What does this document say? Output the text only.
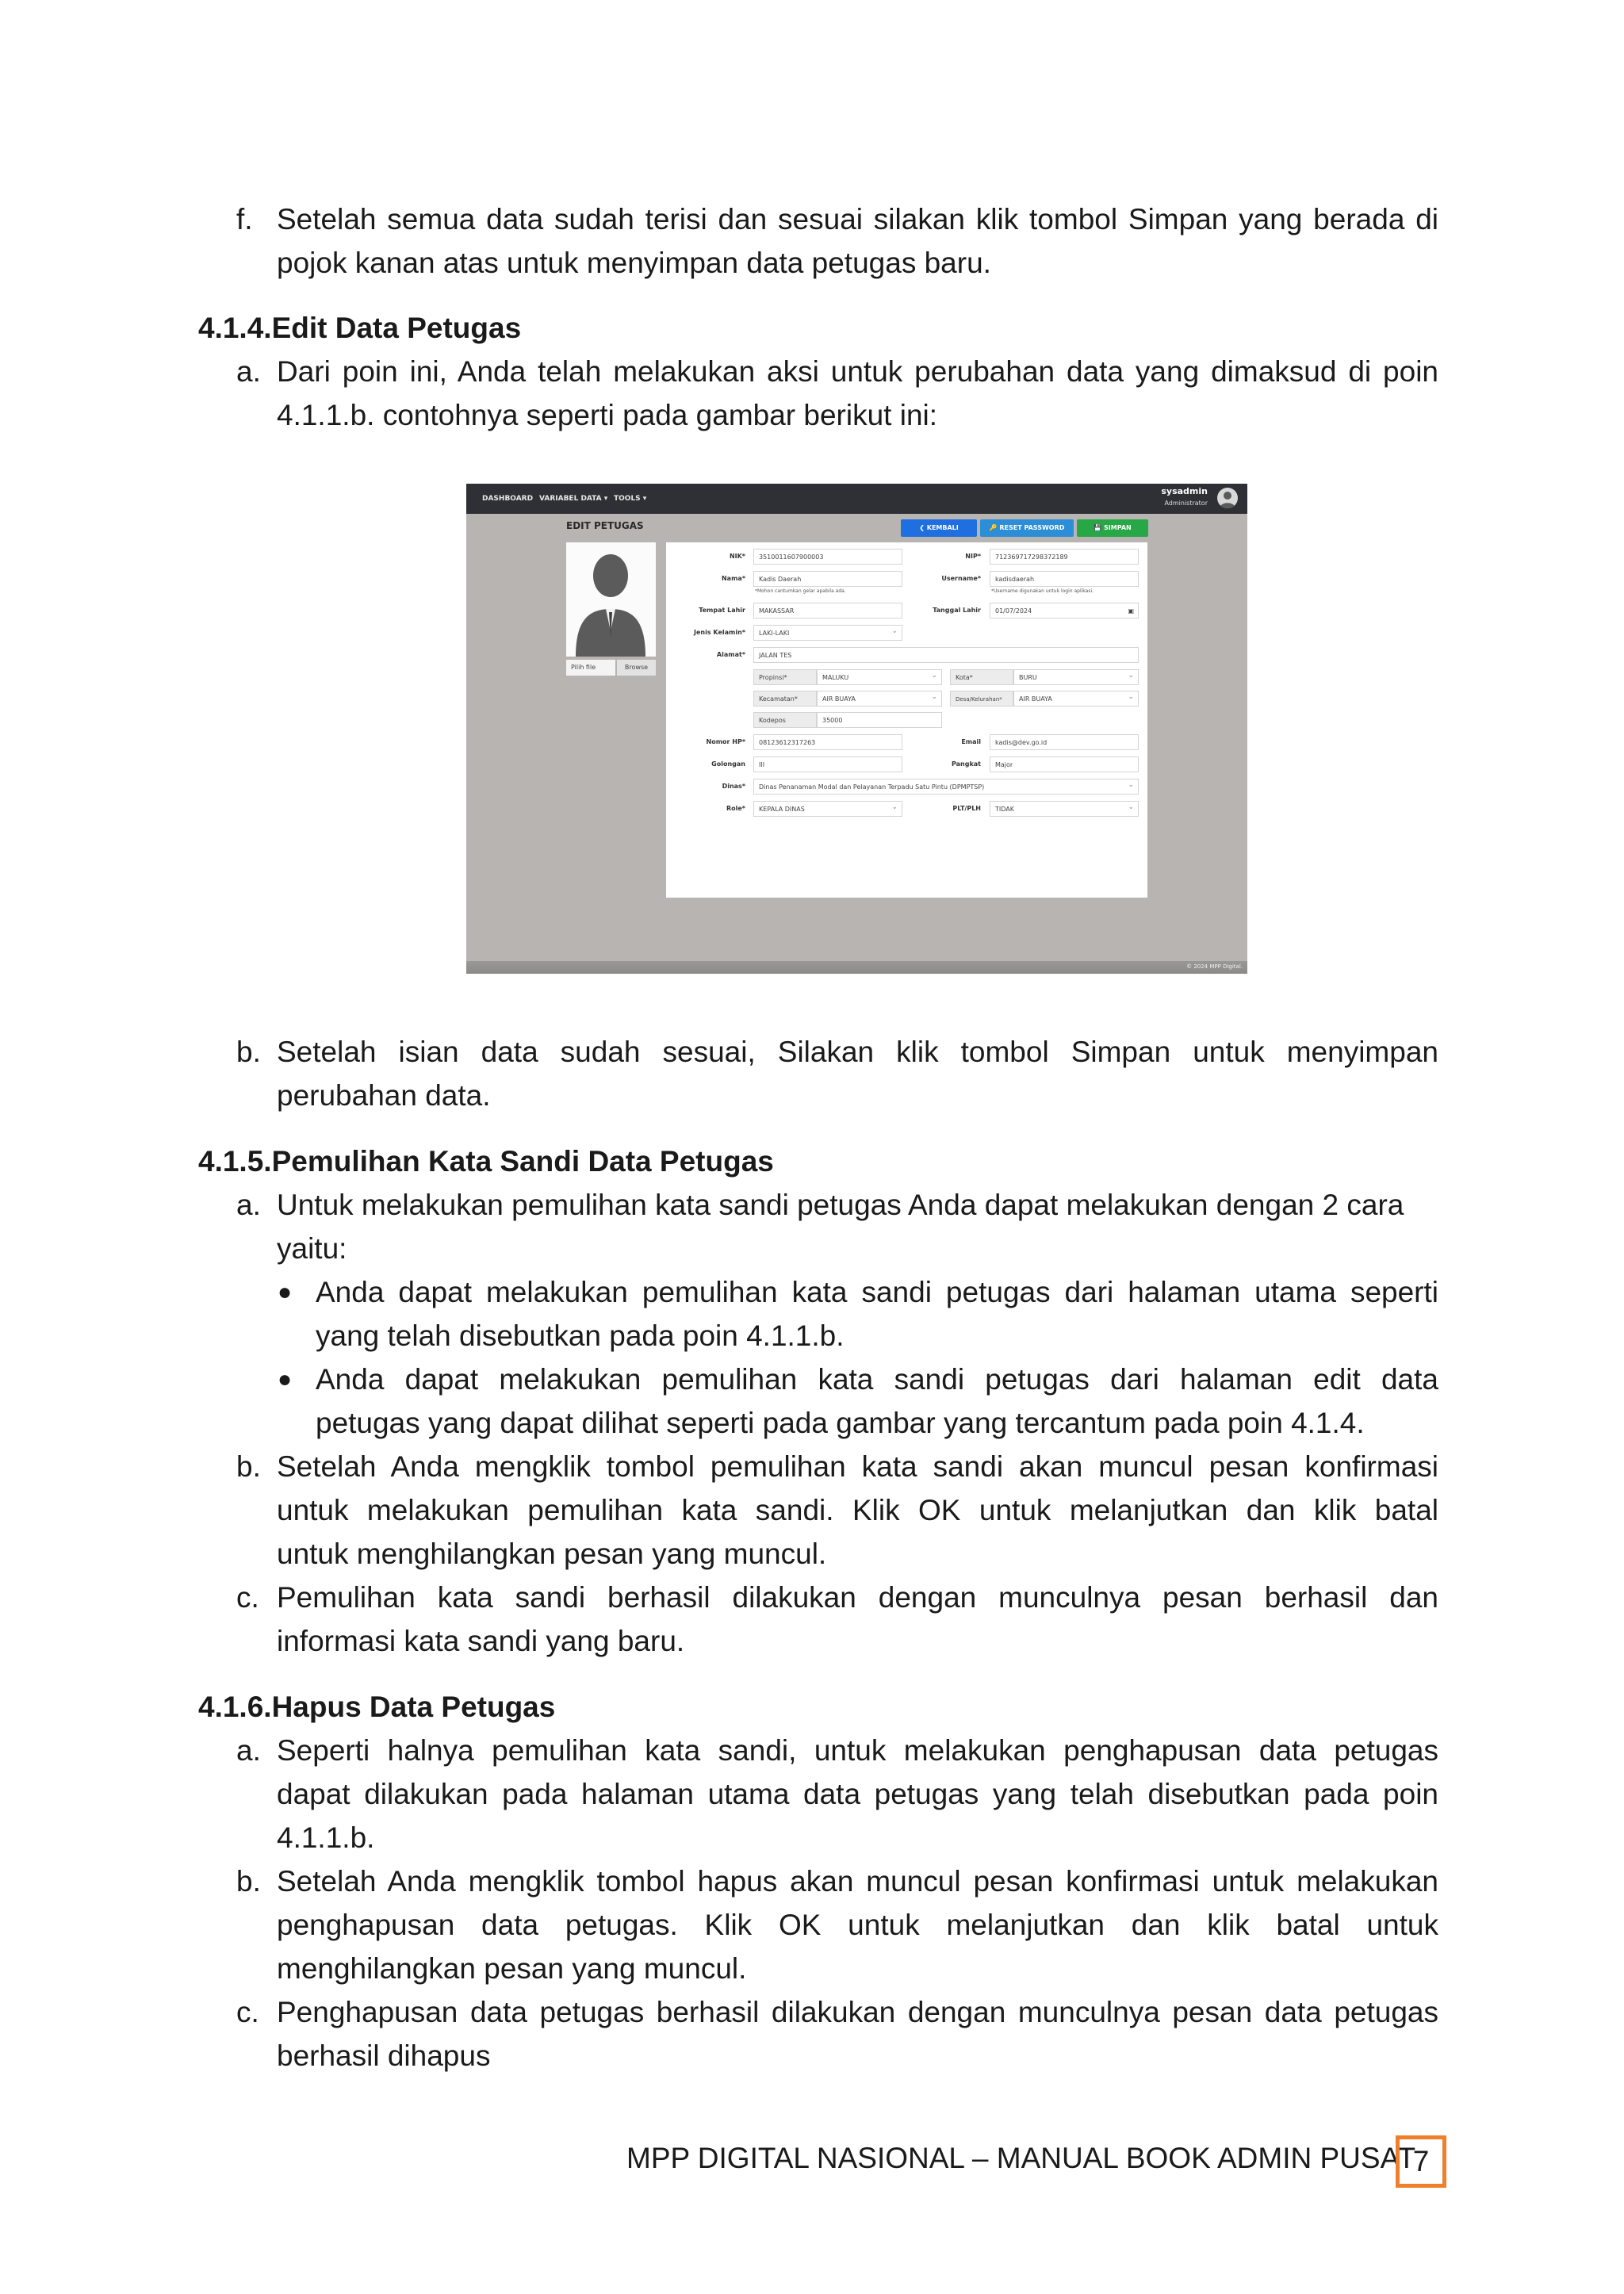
f. Setelah semua data sudah terisi dan sesuai silakan klik tombol Simpan yang berada di
pojok kanan atas untuk menyimpan data petugas baru.
4.1.4.Edit Data Petugas
a. Dari poin ini, Anda telah melakukan aksi untuk perubahan data yang dimaksud di poin
4.1.1.b. contohnya seperti pada gambar berikut ini:
DASHBOARD VARIABEL DATA ▾ TOOLS ▾
sysadmin
Administrator
EDIT PETUGAS	❮ KEMBALI	🔑 RESET PASSWORD	💾 SIMPAN
Pilih file	Browse
NIK*	3510011607900003	NIP*	712369717298372189
Nama*	Kadis Daerah	Username*	kadisdaerah
*Mohon cantumkan gelar apabila ada.	*Username digunakan untuk login aplikasi.
Tempat Lahir	MAKASSAR	Tanggal Lahir	01/07/2024	▣
Jenis Kelamin*	LAKI-LAKI ⌄
Alamat*	JALAN TES
Propinsi*	MALUKU ⌄	Kota*	BURU ⌄
Kecamatan*	AIR BUAYA ⌄	Desa/Kelurahan*	AIR BUAYA ⌄
Kodepos	35000
Nomor HP*	08123612317263	Email	kadis@dev.go.id
Golongan	III	Pangkat	Major
Dinas*	Dinas Penanaman Modal dan Pelayanan Terpadu Satu Pintu (DPMPTSP) ⌄
Role*	KEPALA DINAS ⌄	PLT/PLH	TIDAK ⌄
© 2024 MPP Digital.
b. Setelah isian data sudah sesuai, Silakan klik tombol Simpan untuk menyimpan
perubahan data.
4.1.5.Pemulihan Kata Sandi Data Petugas
a. Untuk melakukan pemulihan kata sandi petugas Anda dapat melakukan dengan 2 cara
yaitu:
● Anda dapat melakukan pemulihan kata sandi petugas dari halaman utama seperti
yang telah disebutkan pada poin 4.1.1.b.
● Anda dapat melakukan pemulihan kata sandi petugas dari halaman edit data
petugas yang dapat dilihat seperti pada gambar yang tercantum pada poin 4.1.4.
b. Setelah Anda mengklik tombol pemulihan kata sandi akan muncul pesan konfirmasi
untuk melakukan pemulihan kata sandi. Klik OK untuk melanjutkan dan klik batal
untuk menghilangkan pesan yang muncul.
c. Pemulihan kata sandi berhasil dilakukan dengan munculnya pesan berhasil dan
informasi kata sandi yang baru.
4.1.6.Hapus Data Petugas
a. Seperti halnya pemulihan kata sandi, untuk melakukan penghapusan data petugas
dapat dilakukan pada halaman utama data petugas yang telah disebutkan pada poin
4.1.1.b.
b. Setelah Anda mengklik tombol hapus akan muncul pesan konfirmasi untuk melakukan
penghapusan data petugas. Klik OK untuk melanjutkan dan klik batal untuk
menghilangkan pesan yang muncul.
c. Penghapusan data petugas berhasil dilakukan dengan munculnya pesan data petugas
berhasil dihapus
MPP DIGITAL NASIONAL – MANUAL BOOK ADMIN PUSAT
7
